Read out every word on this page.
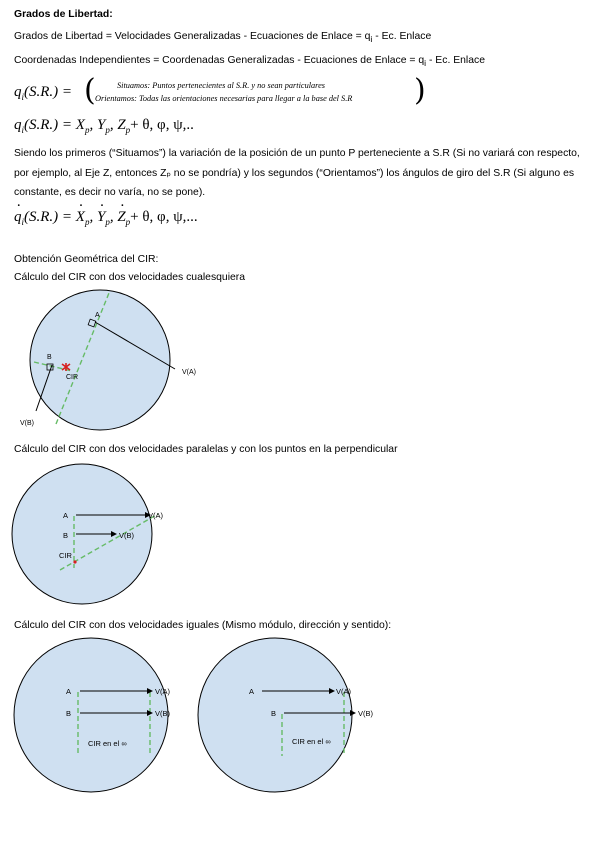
Grados de Libertad:
Grados de Libertad = Velocidades Generalizadas - Ecuaciones de Enlace = $q_i$ - Ec. Enlace
Coordenadas Independientes = Coordenadas Generalizadas - Ecuaciones de Enlace = $q_i$ - Ec. Enlace
$q_i(S.R.)$ = (	Situamos: Puntos pertenecientes al S.R. y no sean particulares
Orientamos: Todas las orientaciones necesarias para llegar a la base del S.R )
$q_i(S.R.) = X_p$, $Y_p$, $Z_p+ \theta$, φ, ψ,..
Siendo los primeros (“Situamos”) la variación de la posición de un punto P perteneciente a S.R (Si no variará con respecto, por ejemplo, al Eje Z, entonces Zₚ no se pondría) y los segundos (“Orientamos”) los ángulos de giro del S.R (Si alguno es constante, es decir no varía, no se pone).
· $q_i(S.R.)$ = · $X_p$, · $Y_p$, · $Z_p+ \theta$, φ, ψ,...
Obtención Geométrica del CIR:
Cálculo del CIR con dos velocidades cualesquiera
A
B
CIR
V(A)
V(B)
Cálculo del CIR con dos velocidades paralelas y con los puntos en la perpendicular
A
B
CIR
V(A)
V(B)
Cálculo del CIR con dos velocidades iguales (Mismo módulo, dirección y sentido):
A
B
V(A)
V(B)
CIR en el ∞
A
B
V(A)
V(B)
CIR en el ∞
